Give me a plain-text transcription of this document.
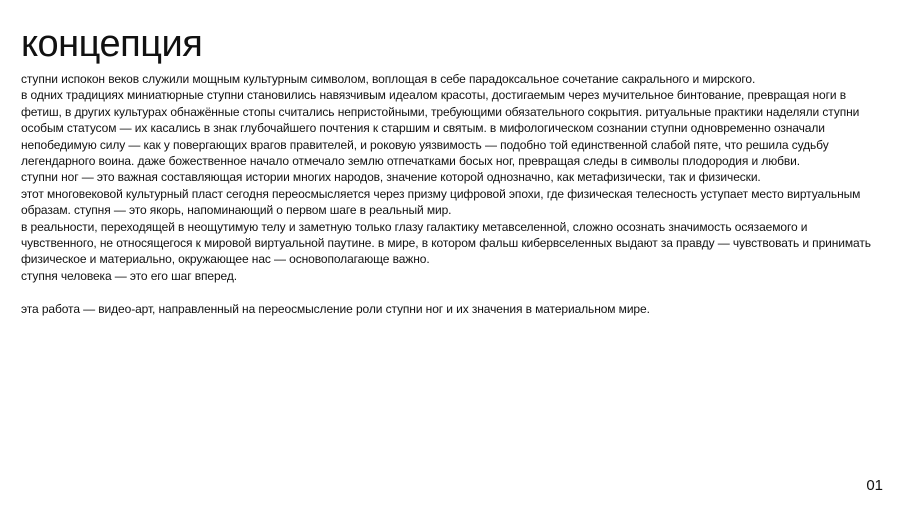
концепция

ступни испокон веков служили мощным культурным символом, воплощая в себе парадоксальное сочетание сакрального и мирского.

в одних традициях миниатюрные ступни становились навязчивым идеалом красоты, достигаемым через мучительное бинтование, превращая ноги в фетиш, в других культурах обнажённые стопы считались непристойными, требующими обязательного сокрытия. ритуальные практики наделяли ступни особым статусом — их касались в знак глубочайшего почтения к старшим и святым. в мифологическом сознании ступни одновременно означали непобедимую силу — как у повергающих врагов правителей, и роковую уязвимость — подобно той единственной слабой пяте, что решила судьбу легендарного воина. даже божественное начало отмечало землю отпечатками босых ног, превращая следы в символы плодородия и любви.

ступни ног — это важная составляющая истории многих народов, значение которой однозначно, как метафизически, так и физически.

этот многовековой культурный пласт сегодня переосмысляется через призму цифровой эпохи, где физическая телесность уступает место виртуальным образам. ступня — это якорь, напоминающий о первом шаге в реальный мир.

в реальности, переходящей в неощутимую телу и заметную только глазу галактику метавселенной, сложно осознать значимость осязаемого и чувственного, не относящегося к мировой виртуальной паутине. в мире, в котором фальш кибервселенных выдают за правду — чувствовать и принимать физическое и материально, окружающее нас — основополагающе важно.

ступня человека — это его шаг вперед.

эта работа — видео-арт, направленный на переосмысление роли ступни ног и их значения в материальном мире.

01
